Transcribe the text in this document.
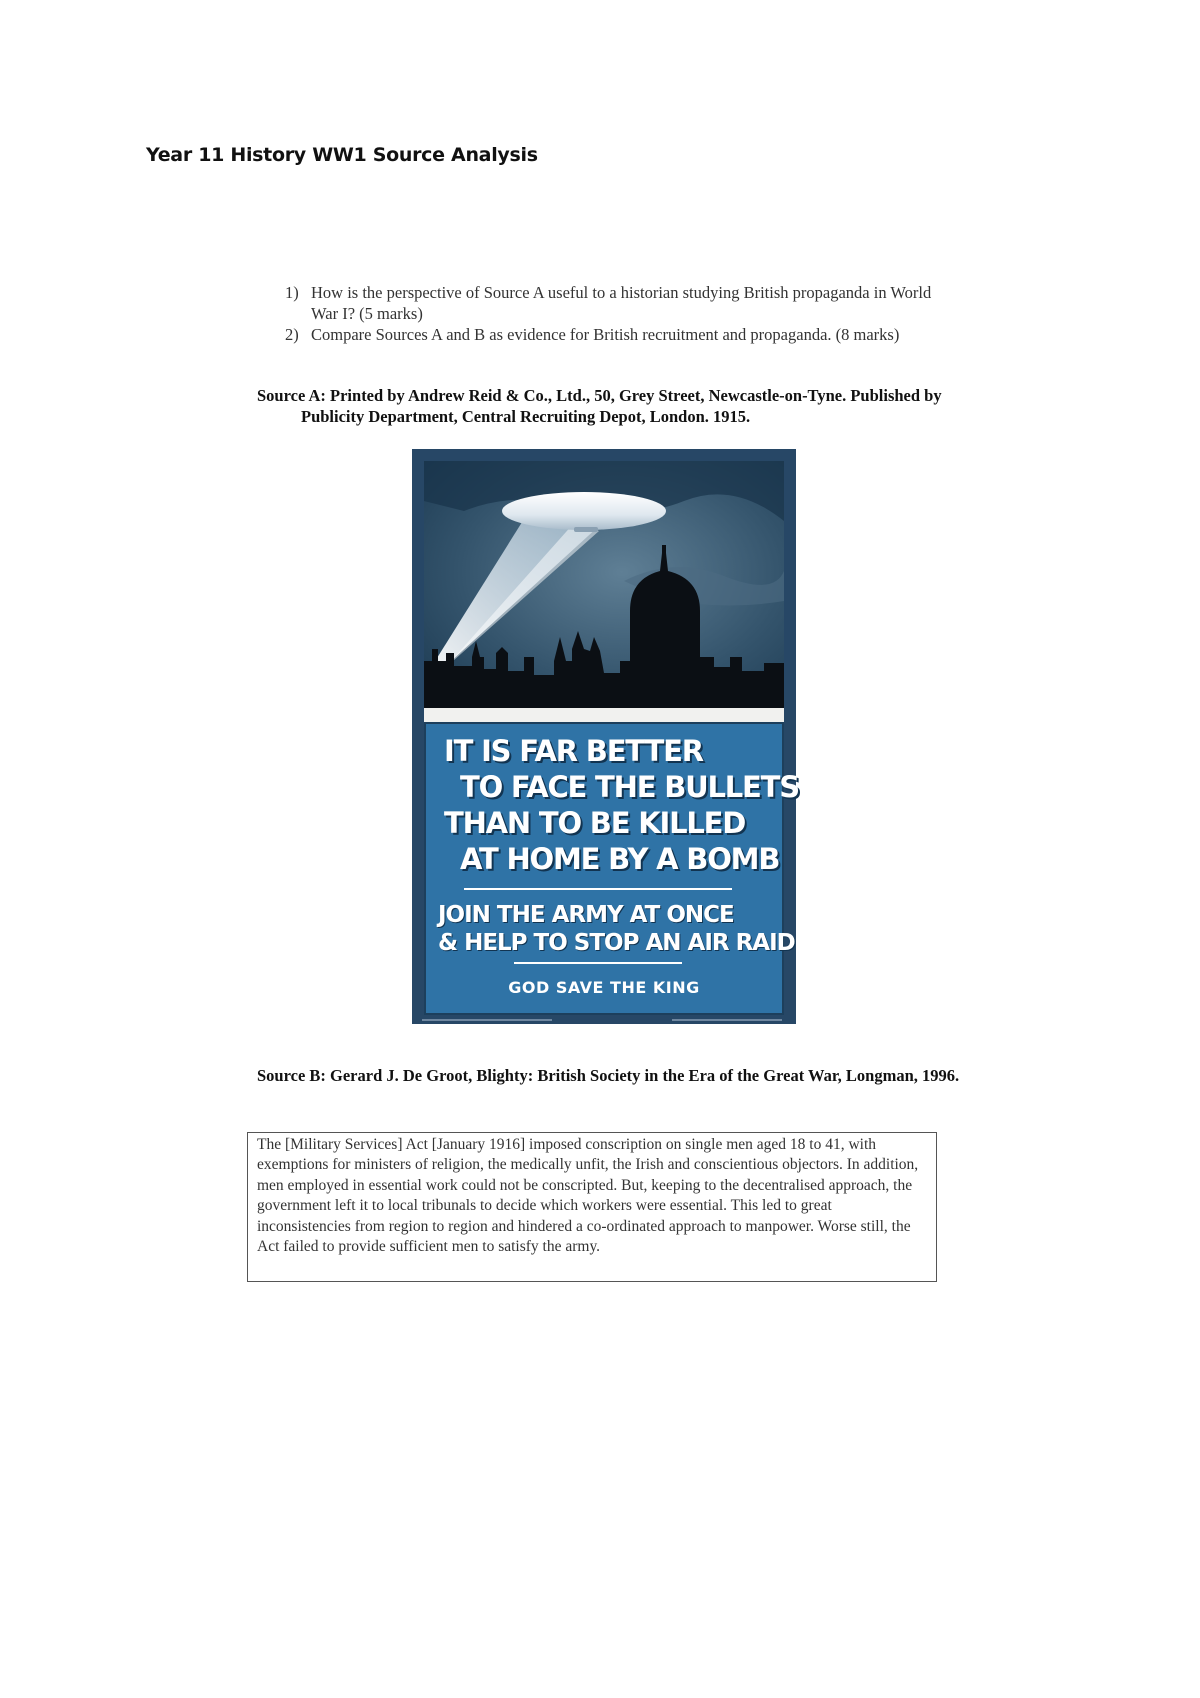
Year 11 History WW1 Source Analysis
1) How is the perspective of Source A useful to a historian studying British propaganda in World War I? (5 marks)
2) Compare Sources A and B as evidence for British recruitment and propaganda. (8 marks)
Source A: Printed by Andrew Reid & Co., Ltd., 50, Grey Street, Newcastle-on-Tyne. Published by Publicity Department, Central Recruiting Depot, London. 1915.
IT IS FAR BETTER
TO FACE THE BULLETS
THAN TO BE KILLED
AT HOME BY A BOMB
JOIN THE ARMY AT ONCE
& HELP TO STOP AN AIR RAID
GOD SAVE THE KING
Source B: Gerard J. De Groot, Blighty: British Society in the Era of the Great War, Longman, 1996.
The [Military Services] Act [January 1916] imposed conscription on single men aged 18 to 41, with exemptions for ministers of religion, the medically unfit, the Irish and conscientious objectors. In addition, men employed in essential work could not be conscripted. But, keeping to the decentralised approach, the government left it to local tribunals to decide which workers were essential. This led to great inconsistencies from region to region and hindered a co-ordinated approach to manpower. Worse still, the Act failed to provide sufficient men to satisfy the army.
